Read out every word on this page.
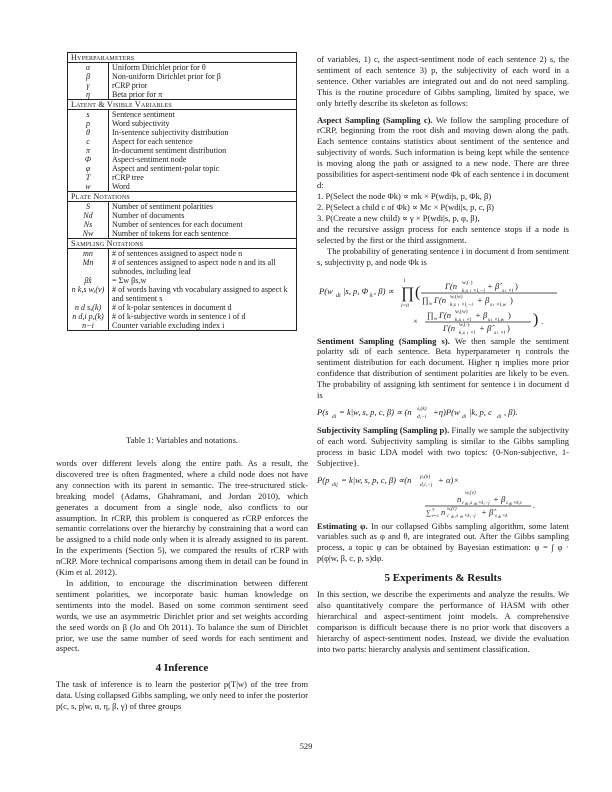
Hyperparameters	
α	Uniform Dirichlet prior for θ
β	Non-uniform Dirichlet prior for β
γ	rCRP prior
η	Beta prior for π
Latent & Visible Variables	
s	Sentence sentiment
p	Word subjectivity
θ	In-sentence subjectivity distribution
c	Aspect for each sentence
π	In-document sentiment distribution
Φ	Aspect-sentiment node
φ	Aspect and sentiment-polar topic
T	rCRP tree
w	Word
Plate Notations	
S	Number of sentiment polarities
Nd	Number of documents
Ns	Number of sentences for each document
Nw	Number of tokens for each sentence
Sampling Notations	
mn	# of sentences assigned to aspect node n
Mn	# of sentences assigned to aspect node n and its all subnodes, including leaf
β̂s	= Σw βs,w
n k,s w,(v)	# of words having vth vocabulary assigned to aspect k and sentiment s
n d s,(k)	# of k-polar sentences in document d
n d,i p,(k)	# of k-subjective words in sentence i of d
n−i	Counter variable excluding index i
Table 1: Variables and notations.

words over different levels along the entire path. As a result, the discovered tree is often fragmented, where a child node does not have any connection with its parent in semantic. The tree-structured stick-breaking model (Adams, Ghahramani, and Jordan 2010), which generates a document from a single node, also conflicts to our assumption. In rCRP, this problem is conquered as rCRP enforces the semantic correlations over the hierarchy by constraining that a word can be assigned to a child node only when it is already assigned to its parent. In the experiments (Section 5), we compared the results of rCRP with nCRP. More technical comparisons among them in detail can be found in (Kim et al. 2012).

In addition, to encourage the discrimination between different sentiment polarities, we incorporate basic human knowledge on sentiments into the model. Based on some common sentiment seed words, we use an asymmetric Dirichlet prior and set weights according the seed words on β (Jo and Oh 2011). To balance the sum of Dirichlet prior, we use the same number of seed words for each sentiment and aspect.

4 Inference

The task of inference is to learn the posterior p(T|w) of the tree from data. Using collapsed Gibbs sampling, we only need to infer the posterior p(c, s, p|w, α, η, β, γ) of three groups

of variables, 1) c, the aspect-sentiment node of each sentence 2) s, the sentiment of each sentence 3) p, the subjectivity of each word in a sentence. Other variables are integrated out and do not need sampling. This is the routine procedure of Gibbs sampling, limited by space, we only briefly describe its skeleton as follows:

Aspect Sampling (Sampling c). We follow the sampling procedure of rCRP, beginning from the root dish and moving down along the path. Each sentence contains statistics about sentiment of the sentence and subjectivity of words. Such information is being kept while the sentence is moving along the path or assigned to a new node. There are three possibilities for aspect-sentiment node Φk of each sentence i in document d:

1. P(Select the node Φk) ∝ mk × P(wdi|s, p, Φk, β)

2. P(Select a child c of Φk) ∝ Mc × P(wdi|s, p, c, β)

3. P(Create a new child) ∝ γ × P(wdi|s, p, φ, β),

and the recursive assign process for each sentence stops if a node is selected by the first or the third assignment.

The probability of generating sentence i in document d from sentiment s, subjectivity p, and node Φk is

P(w di |s, p, Φ k , β) ∝ ∏
1
l=0
(	Γ(n w,(·)
k,s i ×l,−i + β̂ s i ×l )
∏ w Γ(n w,(w)
k,s i ×l,−i + β s i ×l,w )
×
∏ w Γ(n w,(w)
k,s i ×l + β s i ×l,w )
Γ(n w,(·)
k,s i ×l + β̂ s i ×l ) ) .

Sentiment Sampling (Sampling s). We then sample the sentiment polarity sdi of each sentence. Beta hyperparameter η controls the sentiment distribution for each document. Higher η implies more prior confidence that distribution of sentiment polarities are likely to be even. The probability of assigning kth sentiment for sentence i in document d is

P(s di = k|w, s, p, c, β) ∝ (n s,(k)
d,−i +η)P(w di |k, p, c di , β).

Subjectivity Sampling (Sampling p). Finally we sample the subjectivity of each word. Subjectivity sampling is similar to the Gibbs sampling process in basic LDA model with two topics: {0-Non-subjective, 1-Subjective}.

P(p dij = k|w, s, p, c, β) ∝(n p,(k)
d,i,−j + α)×
w,(v)
n c di ,s di ×k,−j + β s di ×k,v
∑ V
r=1 n w,(r)
c di ,s di ×k,−j + β̂ s di ×k
.

Estimating φ. In our collapsed Gibbs sampling algorithm, some latent variables such as φ and θ, are integrated out. After the Gibbs sampling process, a topic φ can be obtained by Bayesian estimation: φ = ∫ φ · p(φ|w, β, c, p, s)dφ.

5 Experiments & Results

In this section, we describe the experiments and analyze the results. We also quantitatively compare the performance of HASM with other hierarchical and aspect-sentiment joint models. A comprehensive comparison is difficult because there is no prior work that discovers a hierarchy of aspect-sentiment nodes. Instead, we divide the evaluation into two parts: hierarchy analysis and sentiment classification.

529
